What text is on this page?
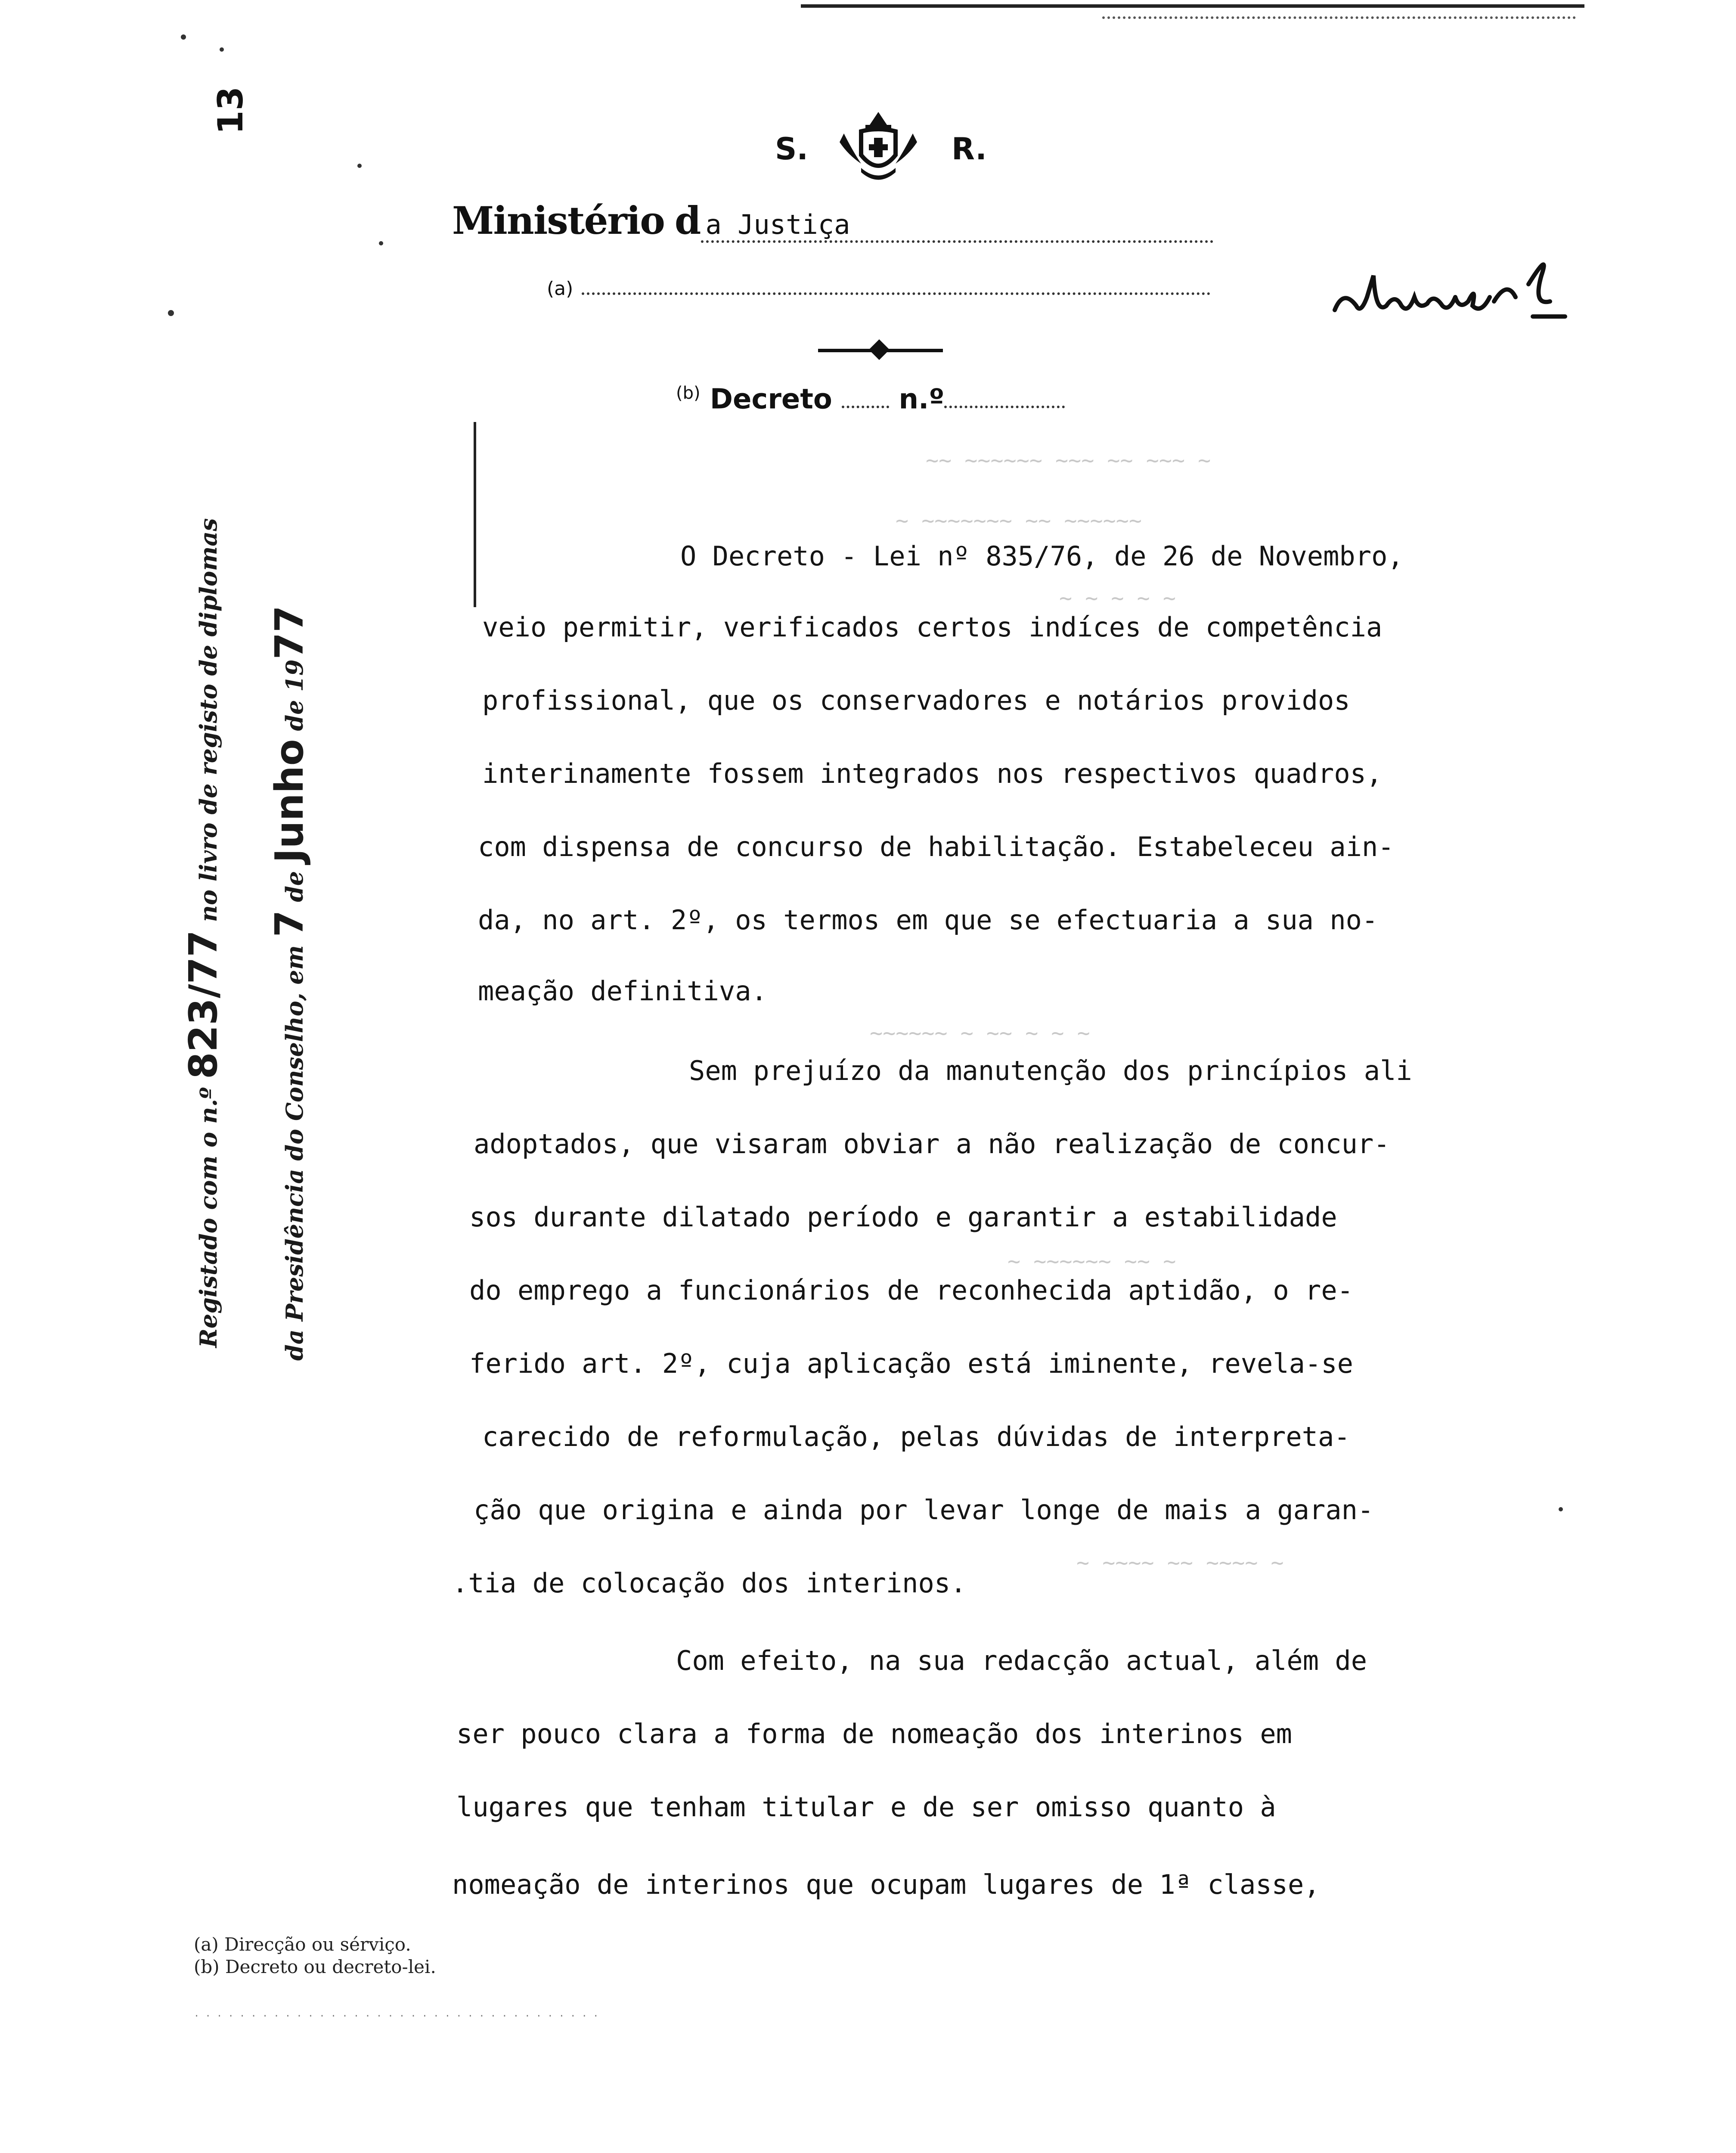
13
S.	R.
Ministério d a Justiça
(a)
$^{(b)}$ Decreto n.º
~~ ~~~~~~ ~~~ ~~ ~~~ ~
~ ~~~~~~~ ~~ ~~~~~~
~ ~ ~ ~ ~
~~~~~~ ~ ~~ ~ ~ ~
~ ~~~~~~ ~~ ~
~ ~~~~ ~~ ~~~~ ~
O Decreto - Lei nº 835/76, de 26 de Novembro,
veio permitir, verificados certos indíces de competência
profissional, que os conservadores e notários providos
interinamente fossem integrados nos respectivos quadros,
com dispensa de concurso de habilitação. Estabeleceu ain-
da, no art. 2º, os termos em que se efectuaria a sua no-
meação definitiva.
Sem prejuízo da manutenção dos princípios ali
adoptados, que visaram obviar a não realização de concur-
sos durante dilatado período e garantir a estabilidade
do emprego a funcionários de reconhecida aptidão, o re-
ferido art. 2º, cuja aplicação está iminente, revela-se
carecido de reformulação, pelas dúvidas de interpreta-
ção que origina e ainda por levar longe de mais a garan-
.tia de colocação dos interinos.
Com efeito, na sua redacção actual, além de
ser pouco clara a forma de nomeação dos interinos em
lugares que tenham titular e de ser omisso quanto à
nomeação de interinos que ocupam lugares de 1ª classe,
Registado com o n.º 823/77 no livro de registo de diplomas
da Presidência do Conselho, em 7 de Junho de 1977
(a) Direcção ou sérviço.
(b) Decreto ou decreto-lei.
· · · · · · · · · · · · · · · · · · · · · · · · · · · · · · · · · · · ·
